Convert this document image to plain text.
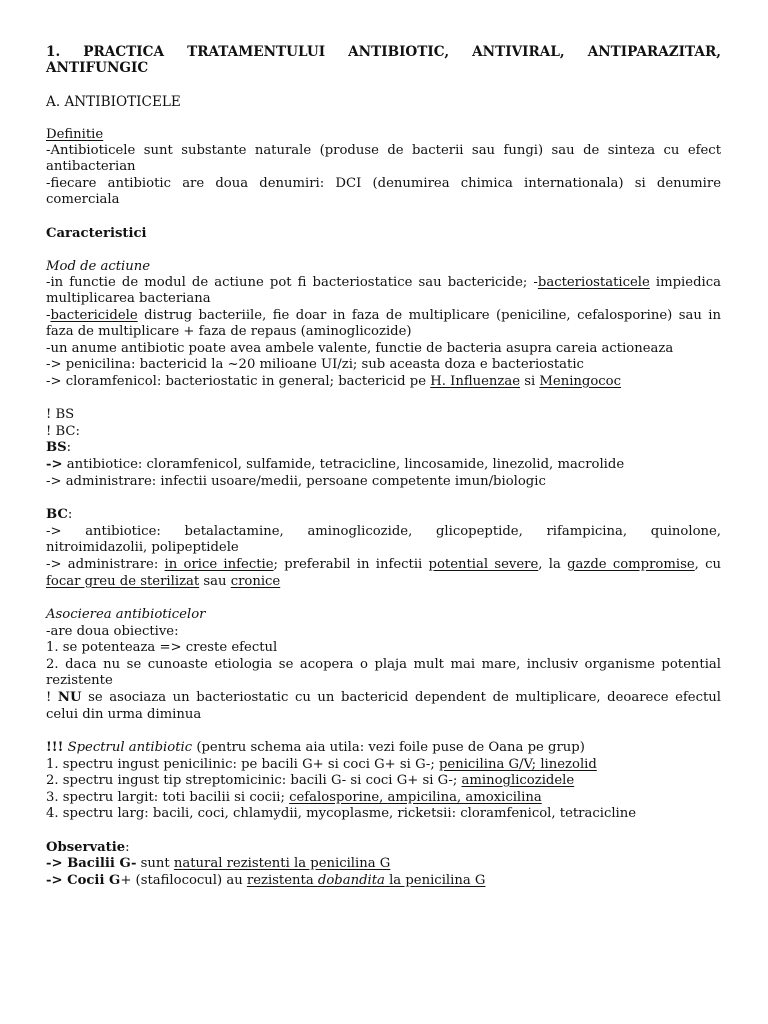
1. PRACTICA TRATAMENTULUI ANTIBIOTIC, ANTIVIRAL, ANTIPARAZITAR,
ANTIFUNGIC
A. ANTIBIOTICELE
Definitie
-Antibioticele sunt substante naturale (produse de bacterii sau fungi) sau de sinteza cu efect
antibacterian
-fiecare antibiotic are doua denumiri: DCI (denumirea chimica internationala) si denumire
comerciala
Caracteristici
Mod de actiune
-in functie de modul de actiune pot fi bacteriostatice sau bactericide; -bacteriostaticele impiedica
multiplicarea bacteriana
-bactericidele distrug bacteriile, fie doar in faza de multiplicare (peniciline, cefalosporine) sau in
faza de multiplicare + faza de repaus (aminoglicozide)
-un anume antibiotic poate avea ambele valente, functie de bacteria asupra careia actioneaza
-> penicilina: bactericid la ~20 milioane UI/zi; sub aceasta doza e bacteriostatic
-> cloramfenicol: bacteriostatic in general; bactericid pe H. Influenzae si Meningococ
! BS
! BC:
BS:
-> antibiotice: cloramfenicol, sulfamide, tetracicline, lincosamide, linezolid, macrolide
-> administrare: infectii usoare/medii, persoane competente imun/biologic
BC:
-> antibiotice: betalactamine, aminoglicozide, glicopeptide, rifampicina, quinolone,
nitroimidazolii, polipeptidele
-> administrare: in orice infectie; preferabil in infectii potential severe, la gazde compromise, cu
focar greu de sterilizat sau cronice
Asocierea antibioticelor
-are doua obiective:
1. se potenteaza => creste efectul
2. daca nu se cunoaste etiologia se acopera o plaja mult mai mare, inclusiv organisme potential
rezistente
! NU se asociaza un bacteriostatic cu un bactericid dependent de multiplicare, deoarece efectul
celui din urma diminua
!!! Spectrul antibiotic (pentru schema aia utila: vezi foile puse de Oana pe grup)
1. spectru ingust penicilinic: pe bacili G+ si coci G+ si G-; penicilina G/V; linezolid
2. spectru ingust tip streptomicinic: bacili G- si coci G+ si G-; aminoglicozidele
3. spectru largit: toti bacilii si cocii; cefalosporine, ampicilina, amoxicilina
4. spectru larg: bacili, coci, chlamydii, mycoplasme, ricketsii: cloramfenicol, tetracicline
Observatie:
-> Bacilii G- sunt natural rezistenti la penicilina G
-> Cocii G+ (stafilococul) au rezistenta dobandita la penicilina G
